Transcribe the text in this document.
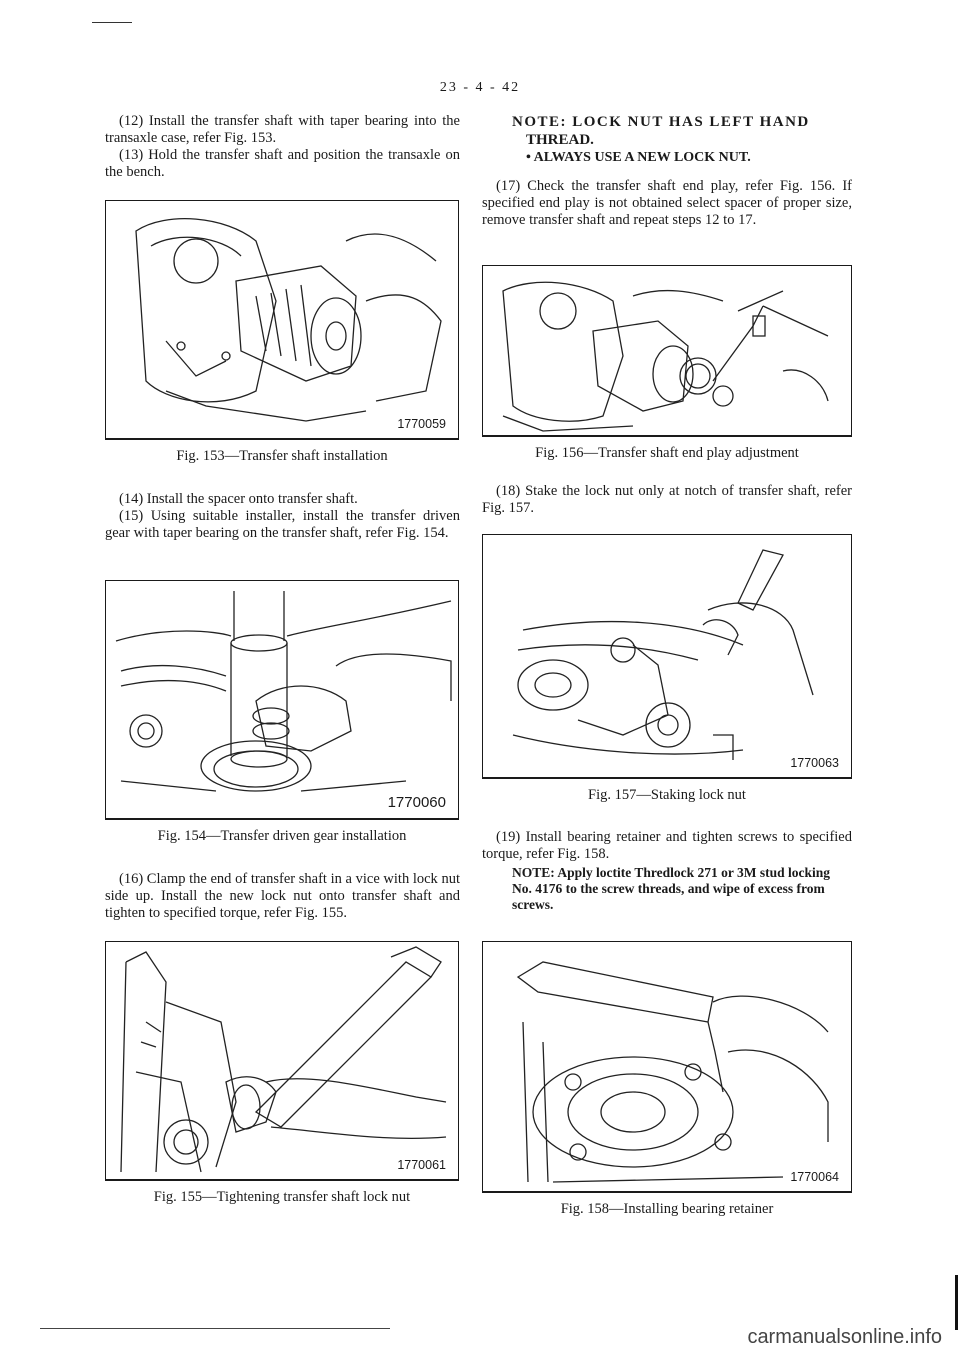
23 - 4 - 42

(12) Install the transfer shaft with taper bearing into the transaxle case, refer Fig. 153.

(13) Hold the transfer shaft and position the transaxle on the bench.

1770059
Fig. 153—Transfer shaft installation

(14) Install the spacer onto transfer shaft.

(15) Using suitable installer, install the transfer driven gear with taper bearing on the transfer shaft, refer Fig. 154.

1770060
Fig. 154—Transfer driven gear installation

(16) Clamp the end of transfer shaft in a vice with lock nut side up. Install the new lock nut onto transfer shaft and tighten to specified torque, refer Fig. 155.

1770061
Fig. 155—Tightening transfer shaft lock nut
NOTE: LOCK NUT HAS LEFT HAND
THREAD.
• ALWAYS USE A NEW LOCK NUT.

(17) Check the transfer shaft end play, refer Fig. 156. If specified end play is not obtained select spacer of proper size, remove transfer shaft and repeat steps 12 to 17.

Fig. 156—Transfer shaft end play adjustment

(18) Stake the lock nut only at notch of transfer shaft, refer Fig. 157.

1770063
Fig. 157—Staking lock nut

(19) Install bearing retainer and tighten screws to specified torque, refer Fig. 158.

NOTE: Apply loctite Thredlock 271 or 3M stud locking No. 4176 to the screw threads, and wipe of excess from screws.
1770064
Fig. 158—Installing bearing retainer
carmanualsonline.info
